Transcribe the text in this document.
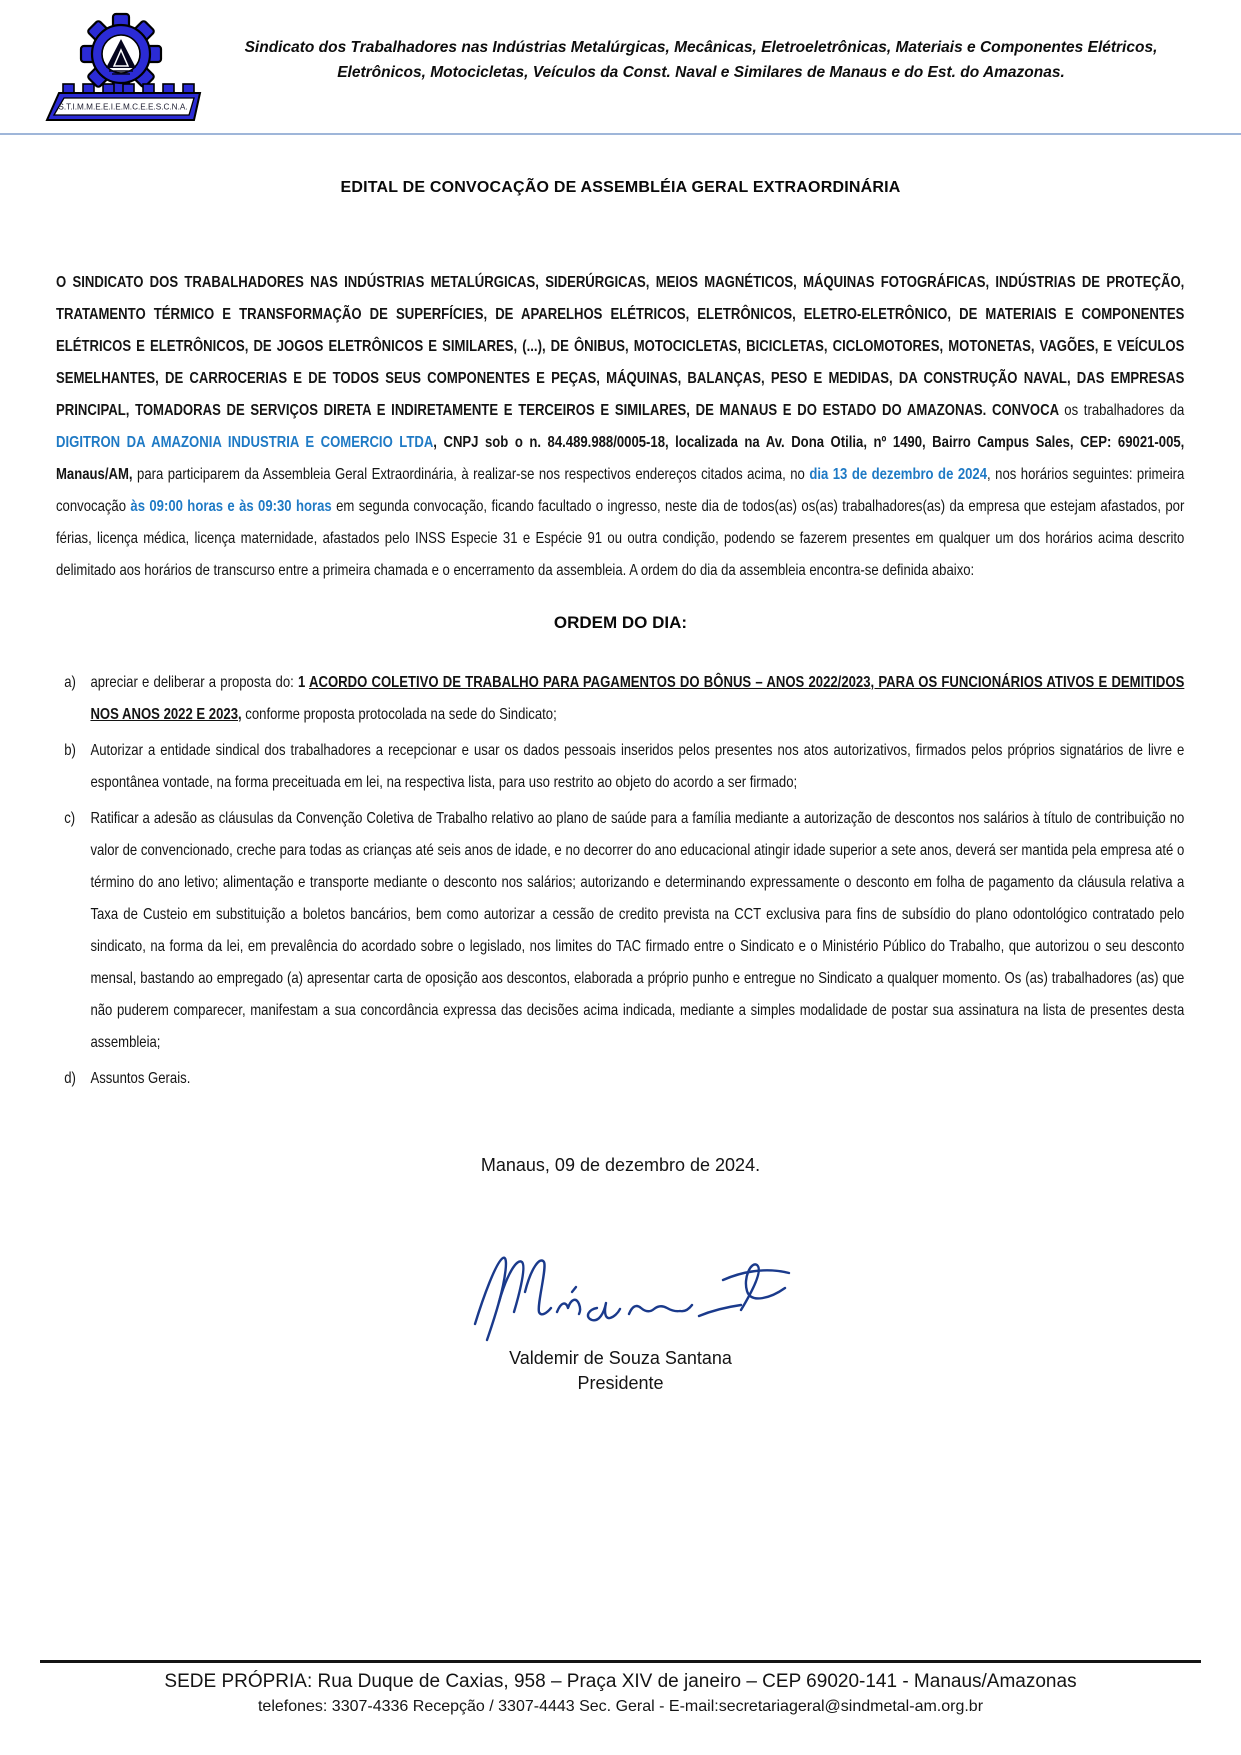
S.T.I.M.M.E.E.I.E.M.C.E.E.S.C.N.A.
Sindicato dos Trabalhadores nas Indústrias Metalúrgicas, Mecânicas, Eletroeletrônicas, Materiais e Componentes Elétricos,
Eletrônicos, Motocicletas, Veículos da Const. Naval e Similares de Manaus e do Est. do Amazonas.
EDITAL DE CONVOCAÇÃO DE ASSEMBLÉIA GERAL EXTRAORDINÁRIA

O SINDICATO DOS TRABALHADORES NAS INDÚSTRIAS METALÚRGICAS, SIDERÚRGICAS, MEIOS MAGNÉTICOS, MÁQUINAS FOTOGRÁFICAS, INDÚSTRIAS DE PROTEÇÃO, TRATAMENTO TÉRMICO E TRANSFORMAÇÃO DE SUPERFÍCIES, DE APARELHOS ELÉTRICOS, ELETRÔNICOS, ELETRO-ELETRÔNICO, DE MATERIAIS E COMPONENTES ELÉTRICOS E ELETRÔNICOS, DE JOGOS ELETRÔNICOS E SIMILARES, (...), DE ÔNIBUS, MOTOCICLETAS, BICICLETAS, CICLOMOTORES, MOTONETAS, VAGÕES, E VEÍCULOS SEMELHANTES, DE CARROCERIAS E DE TODOS SEUS COMPONENTES E PEÇAS, MÁQUINAS, BALANÇAS, PESO E MEDIDAS, DA CONSTRUÇÃO NAVAL, DAS EMPRESAS PRINCIPAL, TOMADORAS DE SERVIÇOS DIRETA E INDIRETAMENTE E TERCEIROS E SIMILARES, DE MANAUS E DO ESTADO DO AMAZONAS. CONVOCA os trabalhadores da DIGITRON DA AMAZONIA INDUSTRIA E COMERCIO LTDA, CNPJ sob o n. 84.489.988/0005-18, localizada na Av. Dona Otilia, nº 1490, Bairro Campus Sales, CEP: 69021-005, Manaus/AM, para participarem da Assembleia Geral Extraordinária, à realizar-se nos respectivos endereços citados acima, no dia 13 de dezembro de 2024, nos horários seguintes: primeira convocação às 09:00 horas e às 09:30 horas em segunda convocação, ficando facultado o ingresso, neste dia de todos(as) os(as) trabalhadores(as) da empresa que estejam afastados, por férias, licença médica, licença maternidade, afastados pelo INSS Especie 31 e Espécie 91 ou outra condição, podendo se fazerem presentes em qualquer um dos horários acima descrito delimitado aos horários de transcurso entre a primeira chamada e o encerramento da assembleia. A ordem do dia da assembleia encontra-se definida abaixo:

ORDEM DO DIA:
a) apreciar e deliberar a proposta do: 1 ACORDO COLETIVO DE TRABALHO PARA PAGAMENTOS DO BÔNUS – ANOS 2022/2023, PARA OS FUNCIONÁRIOS ATIVOS E DEMITIDOS NOS ANOS 2022 E 2023, conforme proposta protocolada na sede do Sindicato;
b) Autorizar a entidade sindical dos trabalhadores a recepcionar e usar os dados pessoais inseridos pelos presentes nos atos autorizativos, firmados pelos próprios signatários de livre e espontânea vontade, na forma preceituada em lei, na respectiva lista, para uso restrito ao objeto do acordo a ser firmado;
c) Ratificar a adesão as cláusulas da Convenção Coletiva de Trabalho relativo ao plano de saúde para a família mediante a autorização de descontos nos salários à título de contribuição no valor de convencionado, creche para todas as crianças até seis anos de idade, e no decorrer do ano educacional atingir idade superior a sete anos, deverá ser mantida pela empresa até o término do ano letivo; alimentação e transporte mediante o desconto nos salários; autorizando e determinando expressamente o desconto em folha de pagamento da cláusula relativa a Taxa de Custeio em substituição a boletos bancários, bem como autorizar a cessão de credito prevista na CCT exclusiva para fins de subsídio do plano odontológico contratado pelo sindicato, na forma da lei, em prevalência do acordado sobre o legislado, nos limites do TAC firmado entre o Sindicato e o Ministério Público do Trabalho, que autorizou o seu desconto mensal, bastando ao empregado (a) apresentar carta de oposição aos descontos, elaborada a próprio punho e entregue no Sindicato a qualquer momento. Os (as) trabalhadores (as) que não puderem comparecer, manifestam a sua concordância expressa das decisões acima indicada, mediante a simples modalidade de postar sua assinatura na lista de presentes desta assembleia;
d) Assuntos Gerais.

Manaus, 09 de dezembro de 2024.

Valdemir de Souza Santana
Presidente
SEDE PRÓPRIA: Rua Duque de Caxias, 958 – Praça XIV de janeiro – CEP 69020-141 - Manaus/Amazonas
telefones: 3307-4336 Recepção / 3307-4443 Sec. Geral - E-mail:secretariageral@sindmetal-am.org.br
